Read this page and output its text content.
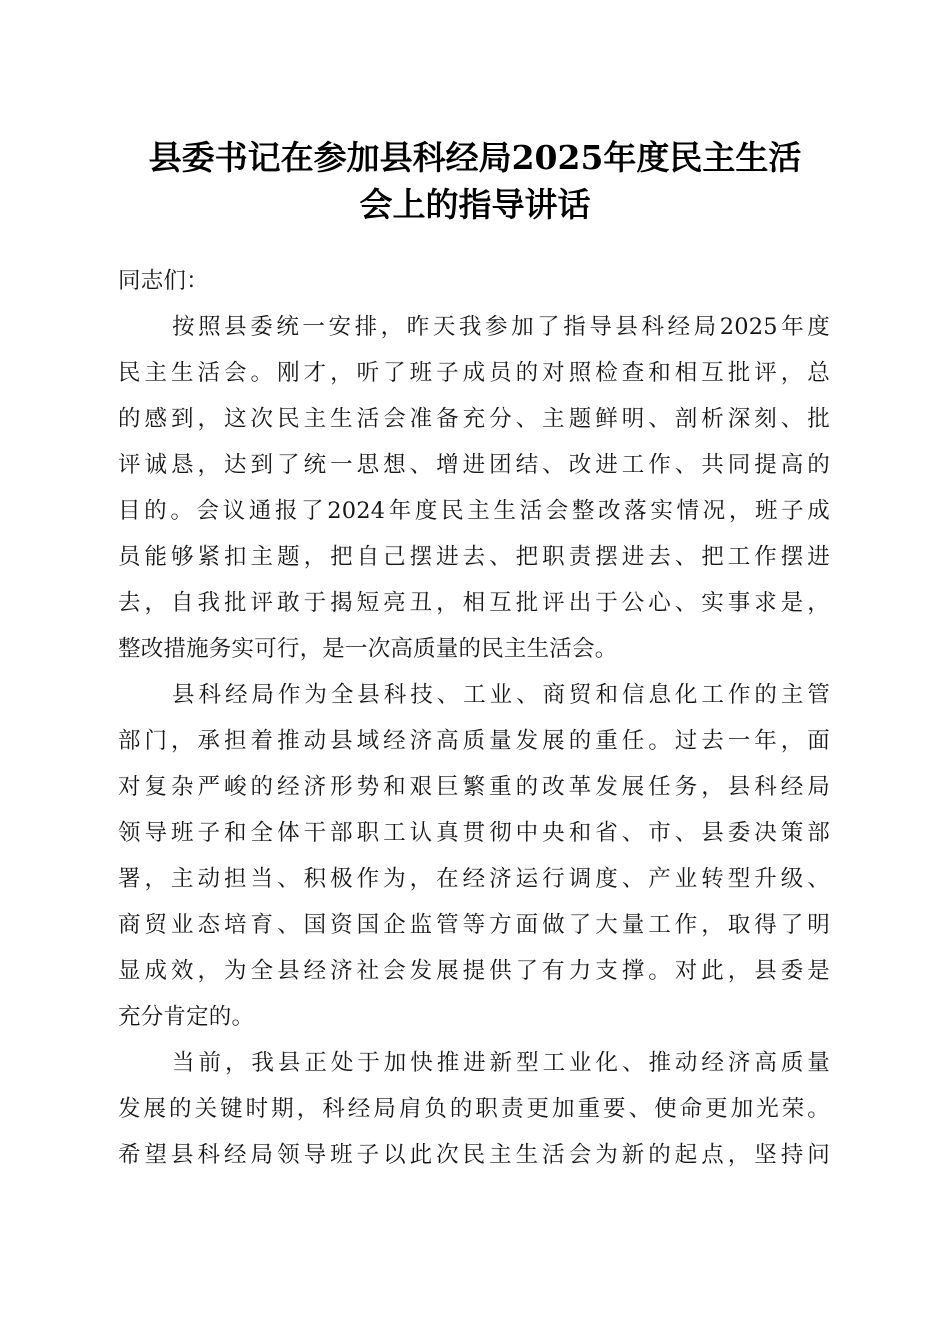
县委书记在参加县科经局2025年度民主生活
会上的指导讲话
同志们：
按照县委统一安排，昨天我参加了指导县科经局2025年度
民主生活会。刚才，听了班子成员的对照检查和相互批评，总
的感到，这次民主生活会准备充分、主题鲜明、剖析深刻、批
评诚恳，达到了统一思想、增进团结、改进工作、共同提高的
目的。会议通报了2024年度民主生活会整改落实情况，班子成
员能够紧扣主题，把自己摆进去、把职责摆进去、把工作摆进
去，自我批评敢于揭短亮丑，相互批评出于公心、实事求是，
整改措施务实可行，是一次高质量的民主生活会。
县科经局作为全县科技、工业、商贸和信息化工作的主管
部门，承担着推动县域经济高质量发展的重任。过去一年，面
对复杂严峻的经济形势和艰巨繁重的改革发展任务，县科经局
领导班子和全体干部职工认真贯彻中央和省、市、县委决策部
署，主动担当、积极作为，在经济运行调度、产业转型升级、
商贸业态培育、国资国企监管等方面做了大量工作，取得了明
显成效，为全县经济社会发展提供了有力支撑。对此，县委是
充分肯定的。
当前，我县正处于加快推进新型工业化、推动经济高质量
发展的关键时期，科经局肩负的职责更加重要、使命更加光荣。
希望县科经局领导班子以此次民主生活会为新的起点，坚持问
